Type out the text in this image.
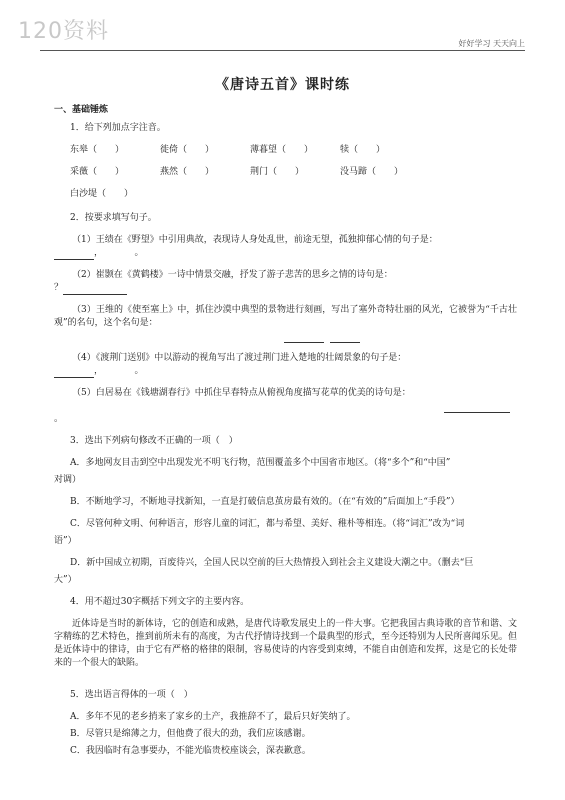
120资料	好好学习 天天向上
《唐诗五首》课时练
一、基础锤炼
1．给下列加点字注音。
东皋（　　）	徙倚（　　）	薄暮望（　　）	犊（　　）
采薇（　　）	燕然（　　）	荆门（　　）	没马蹄（　　）
白沙堤（　　）
2．按要求填写句子。
（1）王绩在《野望》中引用典故，表现诗人身处乱世，前途无望，孤独抑郁心情的句子是：
，　　　　。
（2）崔颢在《黄鹤楼》一诗中情景交融，抒发了游子悲苦的思乡之情的诗句是：
？
（3）王维的《使至塞上》中，抓住沙漠中典型的景物进行刻画，写出了塞外奇特壮丽的风光，它被誉为“千古壮观”的名句，这个名句是：
（4）《渡荆门送别》中以游动的视角写出了渡过荆门进入楚地的壮阔景象的句子是：
，　　　　。
（5）白居易在《钱塘湖春行》中抓住早春特点从俯视角度描写花草的优美的诗句是：
。
3．选出下列病句修改不正确的一项（　）
A．多地网友目击到空中出现发光不明飞行物，范围覆盖多个中国省市地区。（将“多个”和“中国”
对调）
B．不断地学习，不断地寻找新知，一直是打破信息茧房最有效的。（在“有效的”后面加上“手段”）
C．尽管何种文明、何种语言，形容儿童的词汇，都与希望、美好、稚朴等相连。（将“词汇”改为“词
语”）
D．新中国成立初期，百废待兴，全国人民以空前的巨大热情投入到社会主义建设大潮之中。（删去“巨
大”）
4．用不超过30字概括下列文字的主要内容。
近体诗是当时的新体诗，它的创造和成熟，是唐代诗歌发展史上的一件大事。它把我国古典诗歌的音节和谐、文字精练的艺术特色，推到前所未有的高度，为古代抒情诗找到一个最典型的形式，至今还特别为人民所喜闻乐见。但是近体诗中的律诗，由于它有严格的格律的限制，容易使诗的内容受到束缚，不能自由创造和发挥，这是它的长处带来的一个很大的缺陷。
5．选出语言得体的一项（　）
A．多年不见的老乡捎来了家乡的土产，我推辞不了，最后只好笑纳了。
B．尽管只是绵薄之力，但他费了很大的劲，我们应该感谢。
C．我因临时有急事要办，不能光临贵校座谈会，深表歉意。
